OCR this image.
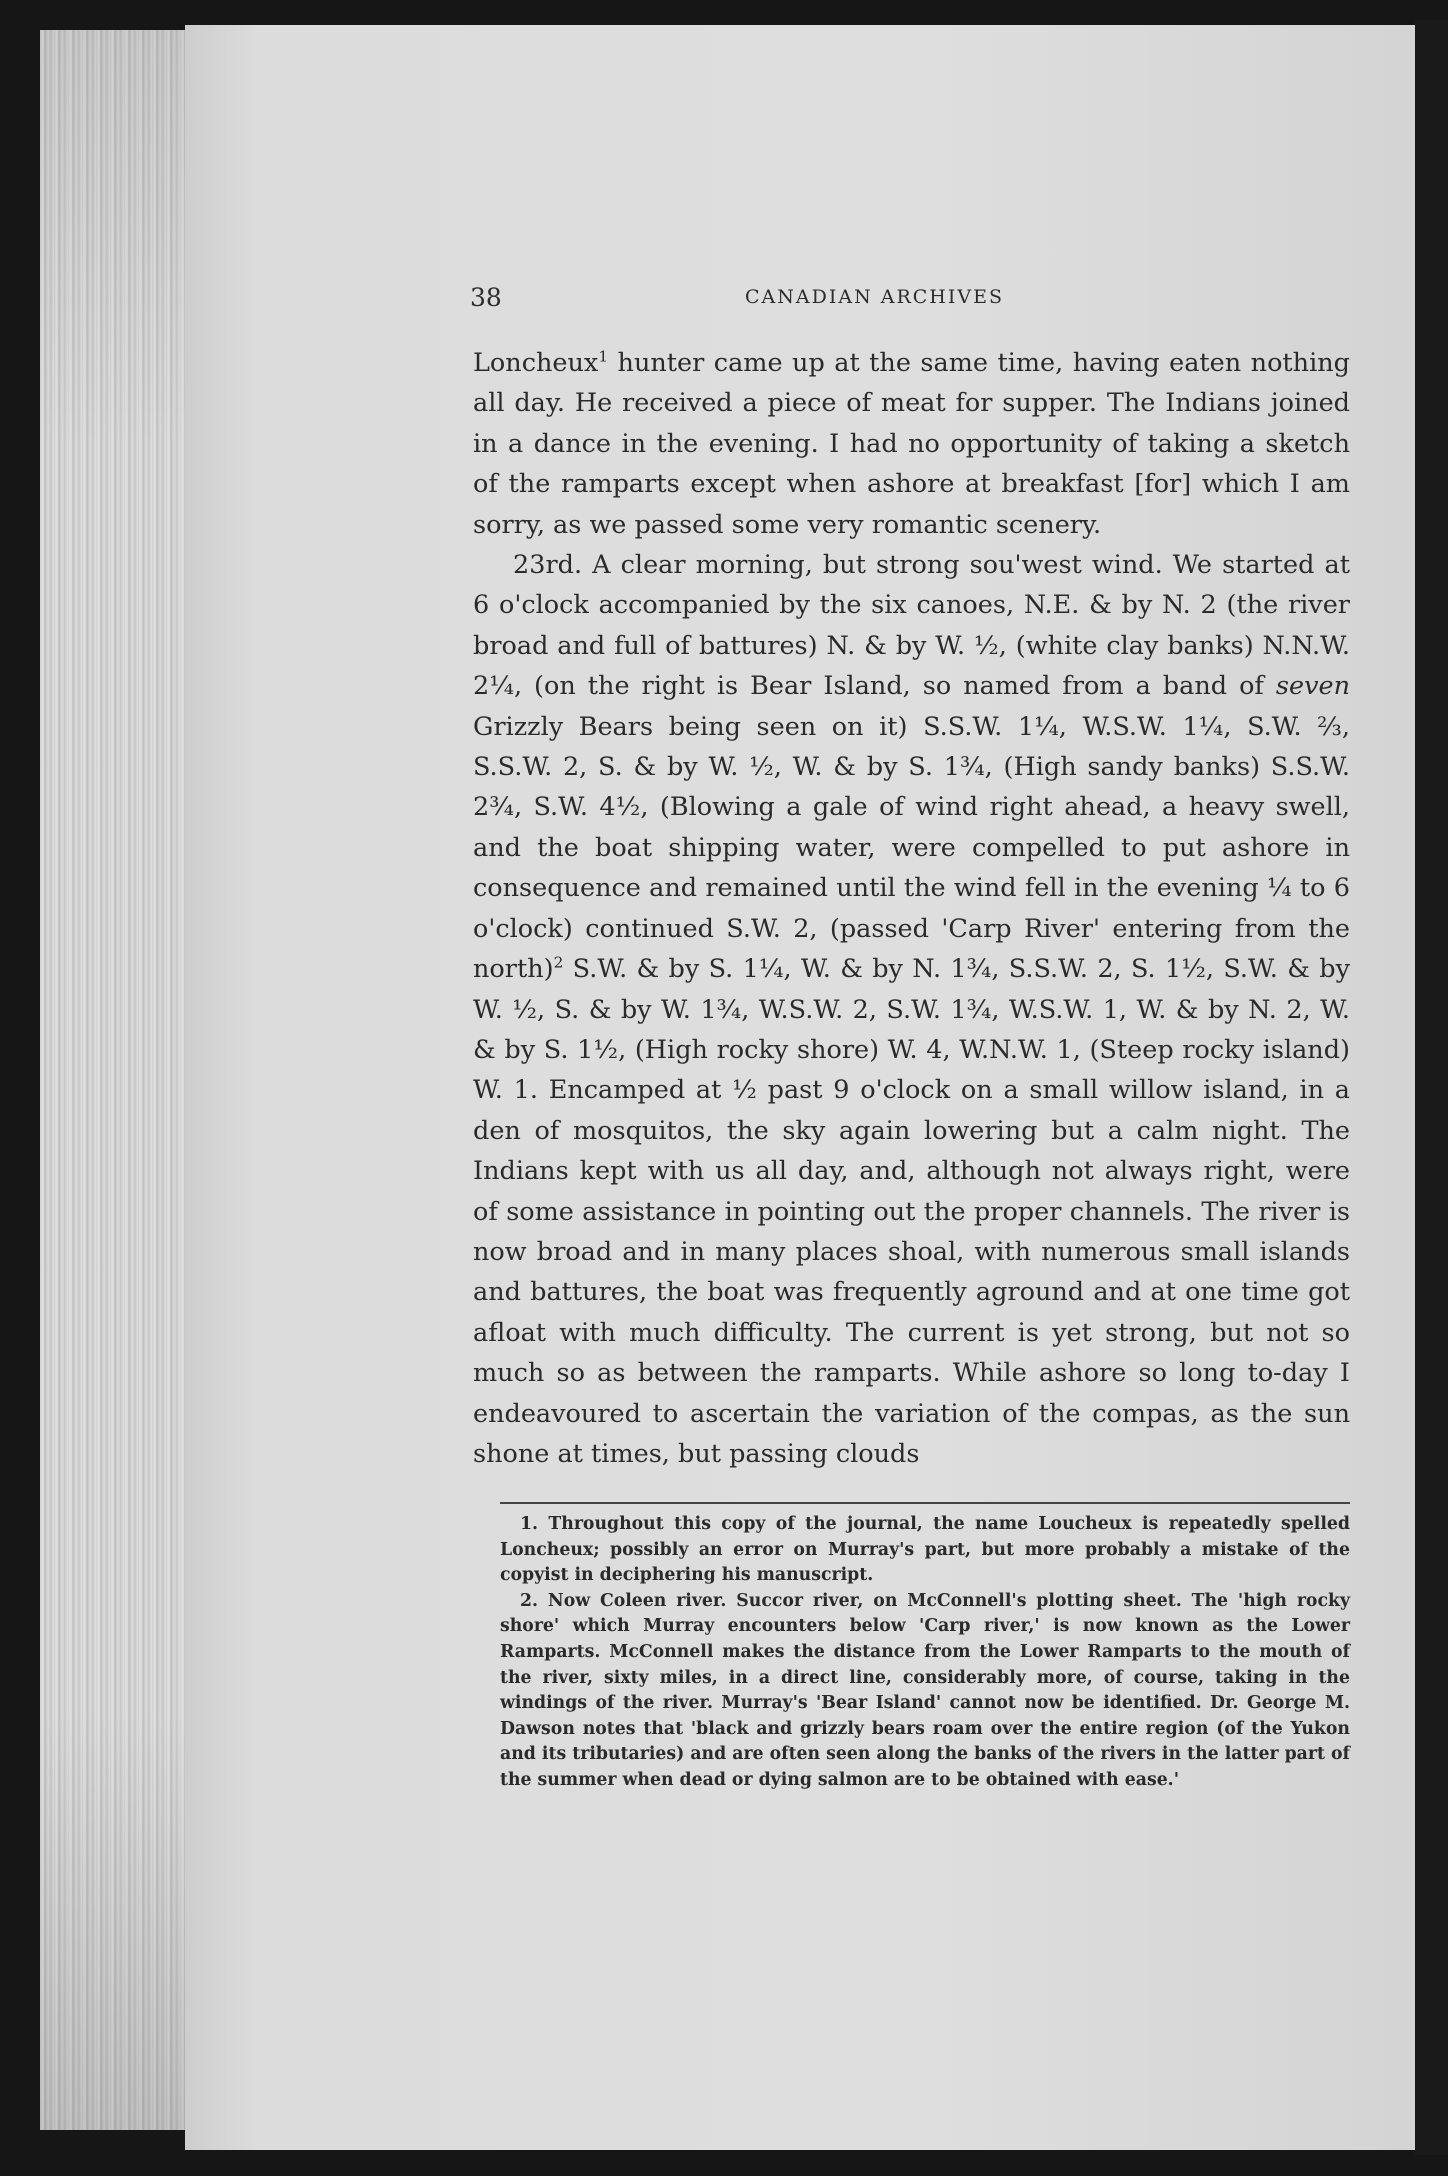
38	CANADIAN ARCHIVES

Loncheux$^1$ hunter came up at the same time, having eaten nothing all day. He received a piece of meat for supper. The Indians joined in a dance in the evening. I had no opportunity of taking a sketch of the ramparts except when ashore at breakfast [for] which I am sorry, as we passed some very romantic scenery.

23rd. A clear morning, but strong sou'west wind. We started at 6 o'clock accompanied by the six canoes, N.E. & by N. 2 (the river broad and full of battures) N. & by W. ½, (white clay banks) N.N.W. 2¼, (on the right is Bear Island, so named from a band of seven Grizzly Bears being seen on it) S.S.W. 1¼, W.S.W. 1¼, S.W. ⅔, S.S.W. 2, S. & by W. ½, W. & by S. 1¾, (High sandy banks) S.S.W. 2¾, S.W. 4½, (Blowing a gale of wind right ahead, a heavy swell, and the boat shipping water, were compelled to put ashore in consequence and remained until the wind fell in the evening ¼ to 6 o'clock) continued S.W. 2, (passed 'Carp River' entering from the north)$^2$ S.W. & by S. 1¼, W. & by N. 1¾, S.S.W. 2, S. 1½, S.W. & by W. ½, S. & by W. 1¾, W.S.W. 2, S.W. 1¾, W.S.W. 1, W. & by N. 2, W. & by S. 1½, (High rocky shore) W. 4, W.N.W. 1, (Steep rocky island) W. 1. Encamped at ½ past 9 o'clock on a small willow island, in a den of mosquitos, the sky again lowering but a calm night. The Indians kept with us all day, and, although not always right, were of some assistance in pointing out the proper channels. The river is now broad and in many places shoal, with numerous small islands and battures, the boat was frequently aground and at one time got afloat with much difficulty. The current is yet strong, but not so much so as between the ramparts. While ashore so long to-day I endeavoured to ascertain the variation of the compas, as the sun shone at times, but passing clouds

1. Throughout this copy of the journal, the name Loucheux is repeatedly spelled Loncheux; possibly an error on Murray's part, but more probably a mistake of the copyist in deciphering his manuscript.

2. Now Coleen river. Succor river, on McConnell's plotting sheet. The 'high rocky shore' which Murray encounters below 'Carp river,' is now known as the Lower Ramparts. McConnell makes the distance from the Lower Ramparts to the mouth of the river, sixty miles, in a direct line, considerably more, of course, taking in the windings of the river. Murray's 'Bear Island' cannot now be identified. Dr. George M. Dawson notes that 'black and grizzly bears roam over the entire region (of the Yukon and its tributaries) and are often seen along the banks of the rivers in the latter part of the summer when dead or dying salmon are to be obtained with ease.'
